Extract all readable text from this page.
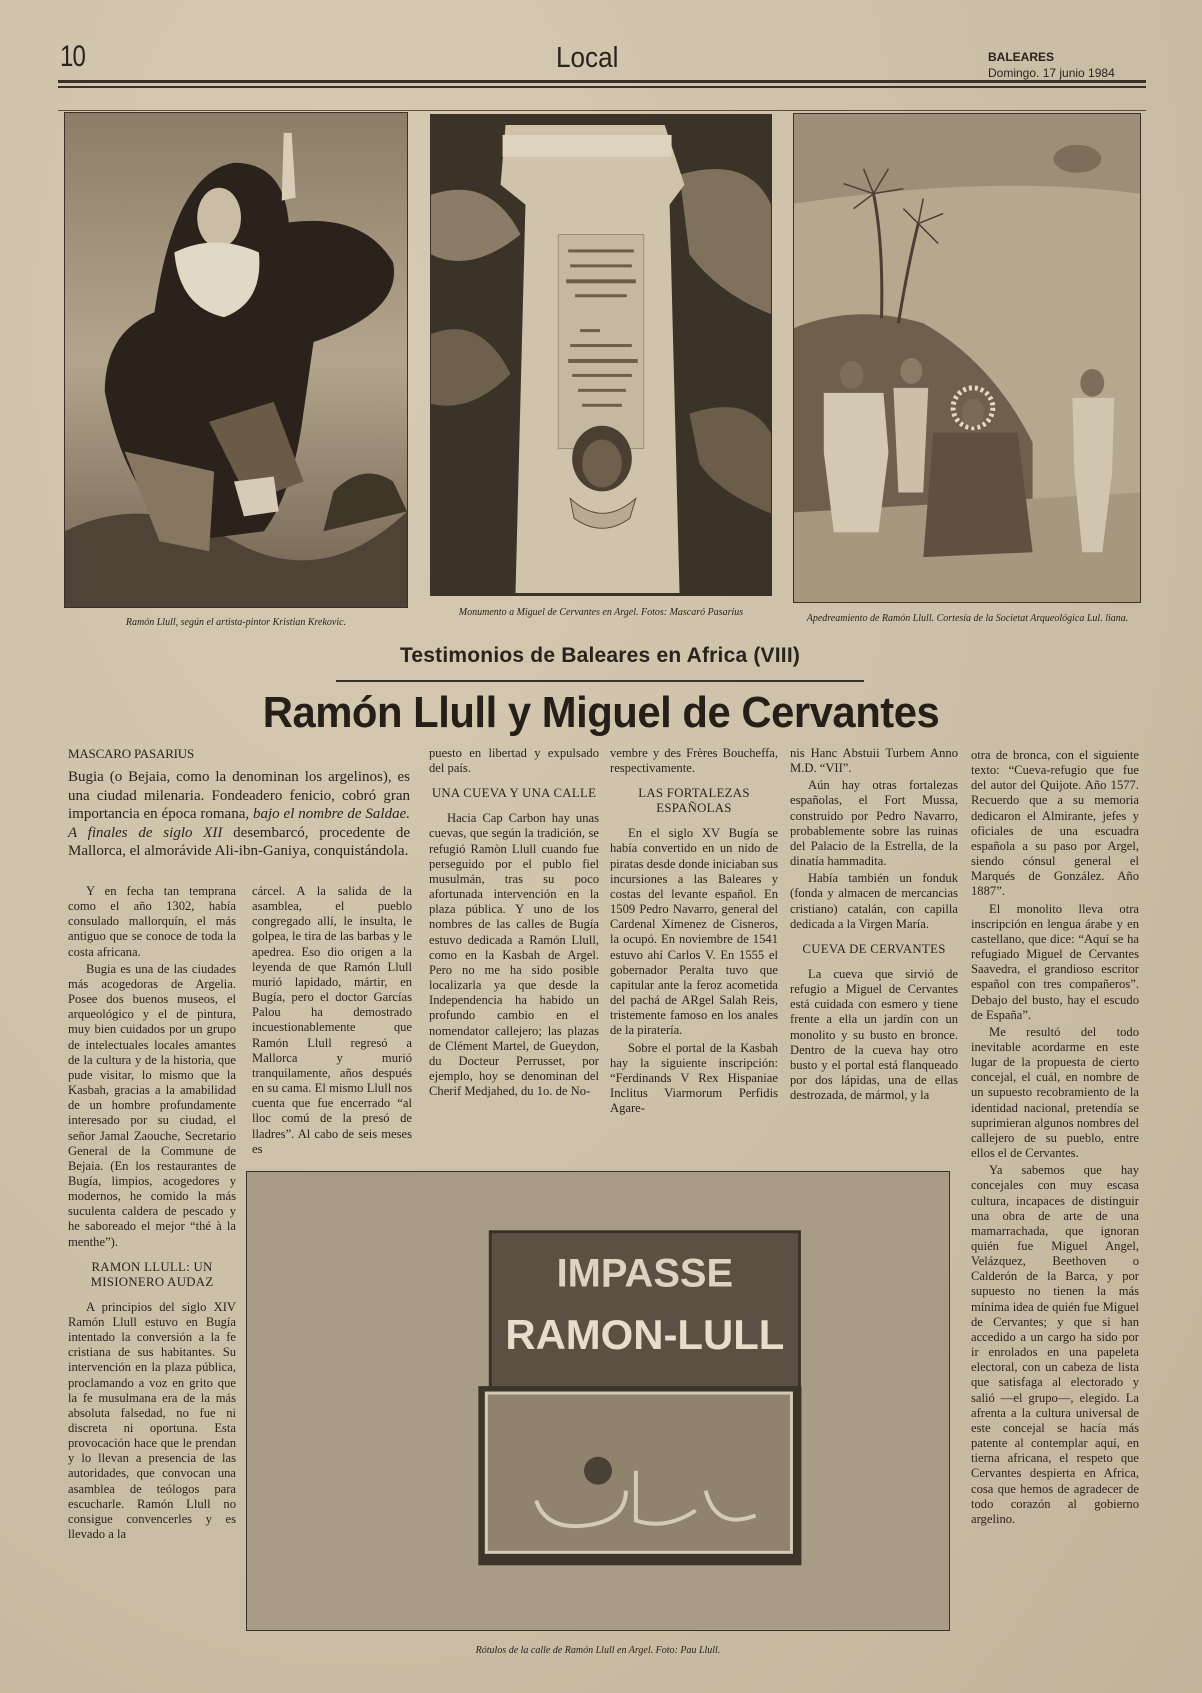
10	Local	BALEARES
Domingo. 17 junio 1984
Ramón Llull, según el artista-pintor Kristian Krekovic.
Monumento a Miguel de Cervantes en Argel. Fotos: Mascaró Pasarius
Apedreamiento de Ramón Llull. Cortesía de la Societat Arqueológica Lul. liana.
Testimonios de Baleares en Africa (VIII)
Ramón Llull y Miguel de Cervantes
MASCARO PASARIUS
Bugia (o Bejaia, como la denominan los argelinos), es una ciudad milenaria. Fondeadero fenicio, cobró gran importancia en época romana, bajo el nombre de Saldae. A finales de siglo XII desembarcó, procedente de Mallorca, el almorávide Ali-ibn-Ganiya, conquistándola.

Y en fecha tan temprana como el año 1302, había consulado mallorquín, el más antiguo que se conoce de toda la costa africana.

Bugia es una de las ciudades más acogedoras de Argelia. Posee dos buenos museos, el arqueológico y el de pintura, muy bien cuidados por un grupo de intelectuales locales amantes de la cultura y de la historia, que pude visitar, lo mismo que la Kasbah, gracias a la amabilidad de un hombre profundamente interesado por su ciudad, el señor Jamal Zaouche, Secretario General de la Commune de Bejaia. (En los restaurantes de Bugía, limpios, acogedores y modernos, he comido la más suculenta caldera de pescado y he saboreado el mejor “thé à la menthe”).

RAMON LLULL: UN MISIONERO AUDAZ

A principios del siglo XIV Ramón Llull estuvo en Bugía intentado la conversión a la fe cristiana de sus habitantes. Su intervención en la plaza pública, proclamando a voz en grito que la fe musulmana era de la más absoluta falsedad, no fue ni discreta ni oportuna. Esta provocación hace que le prendan y lo llevan a presencia de las autoridades, que convocan una asamblea de teólogos para escucharle. Ramón Llull no consigue convencerles y es llevado a la

cárcel. A la salida de la asamblea, el pueblo congregado allí, le insulta, le golpea, le tira de las barbas y le apedrea. Eso dio origen a la leyenda de que Ramón Llull murió lapidado, mártir, en Bugía, pero el doctor Garcías Palou ha demostrado incuestionablemente que Ramón Llull regresó a Mallorca y murió tranquilamente, años después en su cama. El mismo Llull nos cuenta que fue encerrado “al lloc comú de la presó de lladres”. Al cabo de seis meses es

puesto en libertad y expulsado del país.

UNA CUEVA Y UNA CALLE

Hacia Cap Carbon hay unas cuevas, que según la tradición, se refugió Ramòn Llull cuando fue perseguido por el publo fiel musulmán, tras su poco afortunada intervención en la plaza pública. Y uno de los nombres de las calles de Bugía estuvo dedicada a Ramón Llull, como en la Kasbah de Argel. Pero no me ha sido posible localizarla ya que desde la Independencia ha habido un profundo cambio en el nomendator callejero; las plazas de Clément Martel, de Gueydon, du Docteur Perrusset, por ejemplo, hoy se denominan del Cherif Medjahed, du 1o. de No-

vembre y des Frères Boucheffa, respectivamente.

LAS FORTALEZAS ESPAÑOLAS

En el siglo XV Bugía se había convertido en un nido de piratas desde donde iniciaban sus incursiones a las Baleares y costas del levante español. En 1509 Pedro Navarro, general del Cardenal Ximenez de Cisneros, la ocupó. En noviembre de 1541 estuvo ahí Carlos V. En 1555 el gobernador Peralta tuvo que capitular ante la feroz acometida del pachá de ARgel Salah Reis, tristemente famoso en los anales de la piratería.

Sobre el portal de la Kasbah hay la siguiente inscripción: “Ferdinands V Rex Hispaniae Inclitus Viarmorum Perfidis Agare-

nis Hanc Abstuii Turbem Anno M.D. “VII”.

Aún hay otras fortalezas españolas, el Fort Mussa, construido por Pedro Navarro, probablemente sobre las ruinas del Palacio de la Estrella, de la dinatía hammadita.

Había también un fonduk (fonda y almacen de mercancias cristiano) catalán, con capilla dedicada a la Virgen María.

CUEVA DE CERVANTES

La cueva que sirvió de refugio a Miguel de Cervantes está cuidada con esmero y tiene frente a ella un jardín con un monolito y su busto en bronce. Dentro de la cueva hay otro busto y el portal está flanqueado por dos lápidas, una de ellas destrozada, de mármol, y la

otra de bronca, con el siguiente texto: “Cueva-refugio que fue del autor del Quijote. Año 1577. Recuerdo que a su memoria dedicaron el Almirante, jefes y oficiales de una escuadra española a su paso por Argel, siendo cónsul general el Marqués de González. Año 1887”.

El monolito lleva otra inscripción en lengua árabe y en castellano, que dice: “Aquí se ha refugiado Miguel de Cervantes Saavedra, el grandioso escritor español con tres compañeros”. Debajo del busto, hay el escudo de España”.

Me resultó del todo inevitable acordarme en este lugar de la propuesta de cierto concejal, el cuál, en nombre de un supuesto recobramiento de la identidad nacional, pretendía se suprimieran algunos nombres del callejero de su pueblo, entre ellos el de Cervantes.

Ya sabemos que hay concejales con muy escasa cultura, incapaces de distinguir una obra de arte de una mamarrachada, que ignoran quién fue Miguel Angel, Velázquez, Beethoven o Calderón de la Barca, y por supuesto no tienen la más mínima idea de quién fue Miguel de Cervantes; y que si han accedido a un cargo ha sido por ir enrolados en una papeleta electoral, con un cabeza de lista que satisfaga al electorado y salió —el grupo—, elegido. La afrenta a la cultura universal de este concejal se hacía más patente al contemplar aquí, en tierna africana, el respeto que Cervantes despierta en Africa, cosa que hemos de agradecer de todo corazón al gobierno argelino.

IMPASSE
RAMON-LULL
Rótulos de la calle de Ramón Llull en Argel. Foto: Pau Llull.
